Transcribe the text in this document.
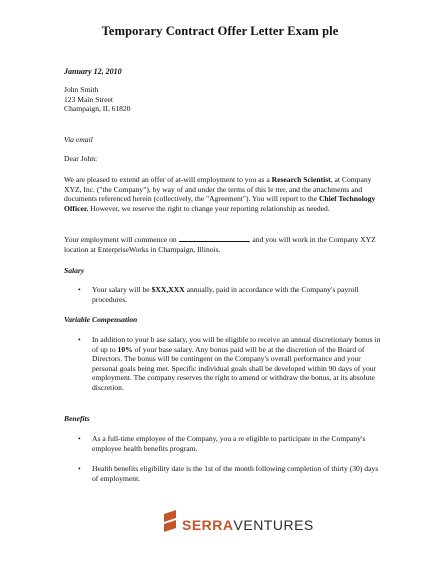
Temporary Contract Offer Letter Exam ple
January 12, 2010
John Smith
123 Main Street
Champaign, IL 61820
Via email
Dear John:
We are pleased to extend an offer of at-will employment to you as a Research Scientist, at Company XYZ, Inc. ("the Company"), by way of and under the terms of this le tter, and the attachments and documents referenced herein (collectively, the "Agreement"). You will report to the Chief Technology Officer. However, we reserve the right to change your reporting relationship as needed.
Your employment will commence on	, and you will work in the Company XYZ location at EnterpriseWorks in Champaign, Illinois.
Salary
• Your salary will be $XX,XXX annually, paid in accordance with the Company's payroll procedures.
Variable Compensation
• In addition to your b ase salary, you will be eligible to receive an annual discretionary bonus in of up to 10% of your base salary. Any bonus paid will be at the discretion of the Board of Directors. The bonus will be contingent on the Company's overall performance and your personal goals being met. Specific individual goals shall be developed within 90 days of your employment. The company reserves the right to amend or withdraw the bonus, at its absolute discretion.
Benefits
• As a full-time employee of the Company, you a re eligible to participate in the Company's employee health benefits program.
• Health benefits eligibility date is the 1st of the month following completion of thirty (30) days of employment.
SERRAVENTURES
